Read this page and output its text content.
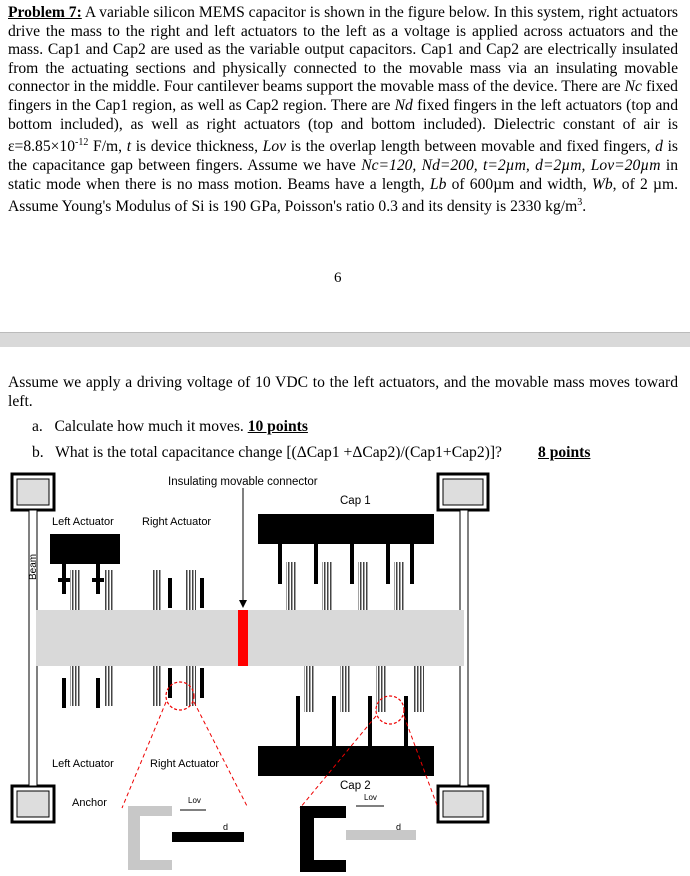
Problem 7: A variable silicon MEMS capacitor is shown in the figure below. In this system, right actuators drive the mass to the right and left actuators to the left as a voltage is applied across actuators and the mass. Cap1 and Cap2 are used as the variable output capacitors. Cap1 and Cap2 are electrically insulated from the actuating sections and physically connected to the movable mass via an insulating movable connector in the middle. Four cantilever beams support the movable mass of the device. There are Nc fixed fingers in the Cap1 region, as well as Cap2 region. There are Nd fixed fingers in the left actuators (top and bottom included), as well as right actuators (top and bottom included). Dielectric constant of air is $\varepsilon=8.85\times 10^{-12}$ F/m, t is device thickness, Lov is the overlap length between movable and fixed fingers, d is the capacitance gap between fingers. Assume we have Nc=120, Nd=200, t=2µm, d=2µm, Lov=20µm in static mode when there is no mass motion. Beams have a length, Lb of 600µm and width, Wb, of 2 µm. Assume Young's Modulus of Si is 190 GPa, Poisson's ratio 0.3 and its density is 2330 $kg/m^3$.
6
Assume we apply a driving voltage of 10 VDC to the left actuators, and the movable mass moves toward left.
a. Calculate how much it moves. 10 points
b. What is the total capacitance change [(ΔCap1 +ΔCap2)/(Cap1+Cap2)]? 8 points
Insulating movable connector
Cap 1
Left Actuator	Right Actuator
Left Actuator	Right Actuator
Cap 2
Anchor
Beam
Lov	Lov
d	d
